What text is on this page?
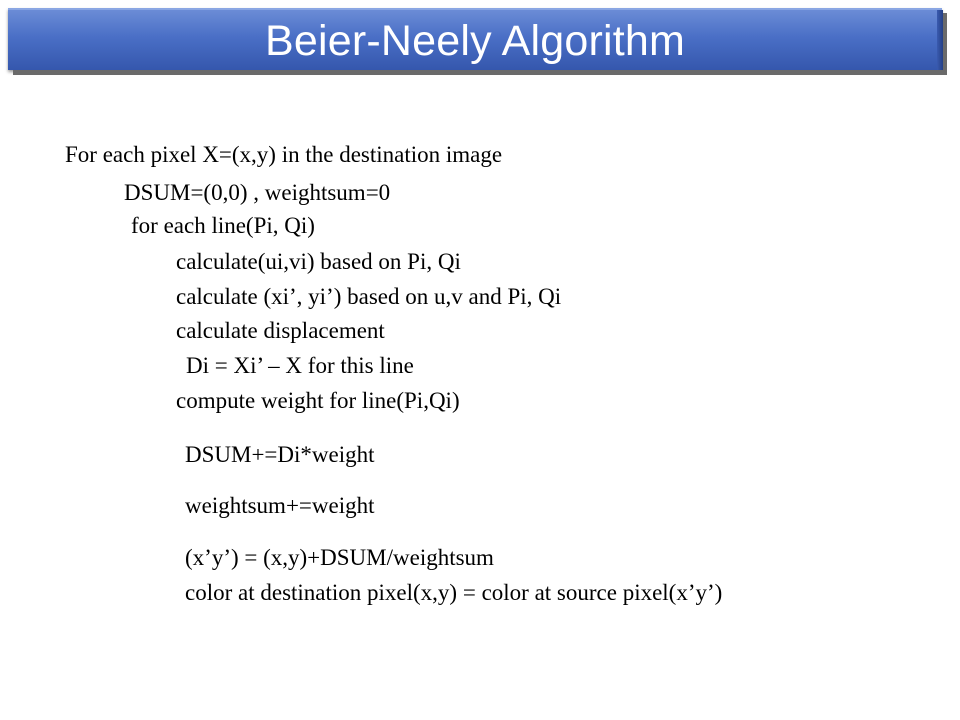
Beier-Neely Algorithm
For each pixel X=(x,y) in the destination image
DSUM=(0,0) , weightsum=0
for each line(Pi, Qi)
calculate(ui,vi) based on Pi, Qi
calculate (xi’, yi’) based on u,v and Pi, Qi
calculate displacement
Di = Xi’ – X for this line
compute weight for line(Pi,Qi)
DSUM+=Di*weight
weightsum+=weight
(x’y’) = (x,y)+DSUM/weightsum
color at destination pixel(x,y) = color at source pixel(x’y’)
